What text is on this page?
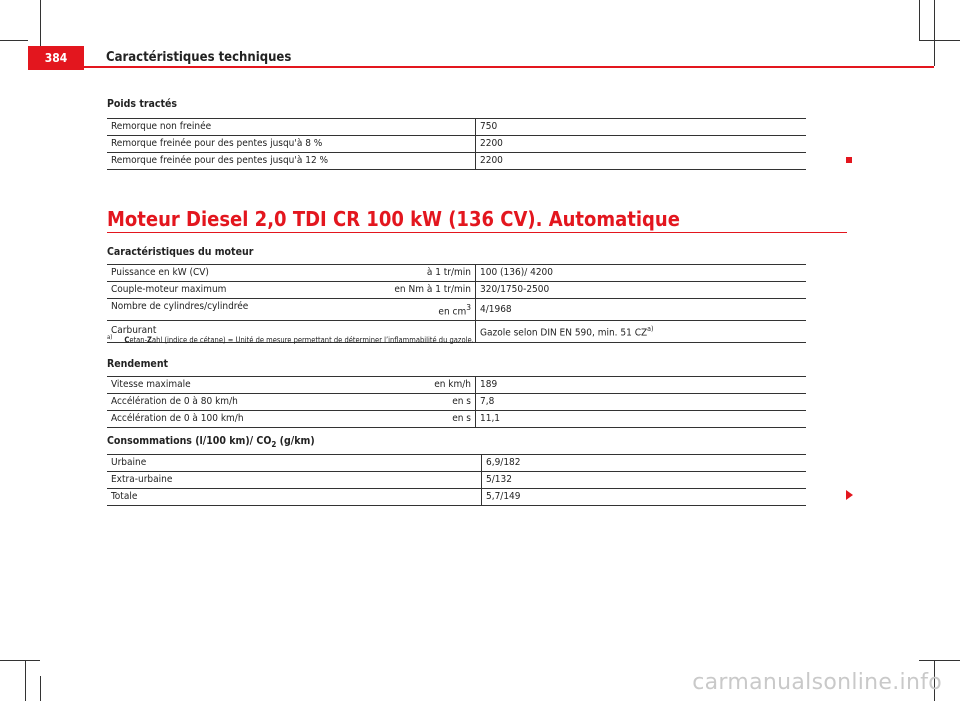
384	Caractéristiques techniques
Poids tractés
Remorque non freinée	750
Remorque freinée pour des pentes jusqu'à 8 %	2200
Remorque freinée pour des pentes jusqu'à 12 %	2200
Moteur Diesel 2,0 TDI CR 100 kW (136 CV). Automatique
Caractéristiques du moteur
Puissance en kW (CV) à 1 tr/min	100 (136)/ 4200
Couple-moteur maximum en Nm à 1 tr/min	320/1750-2500
Nombre de cylindres/cylindrée en $cm^3$	4/1968
Carburant	Gazole selon DIN EN 590, min. 51 CZ$^{a)}$
$^{a)}$ Cetan-Zahl (indice de cétane) = Unité de mesure permettant de déterminer l’inflammabilité du gazole.
Rendement
Vitesse maximale en km/h	189
Accélération de 0 à 80 km/h en s	7,8
Accélération de 0 à 100 km/h en s	11,1
Consommations (l/100 km)/ $CO_2$ (g/km)
Urbaine	6,9/182
Extra-urbaine	5/132
Totale	5,7/149
carmanualsonline.info
